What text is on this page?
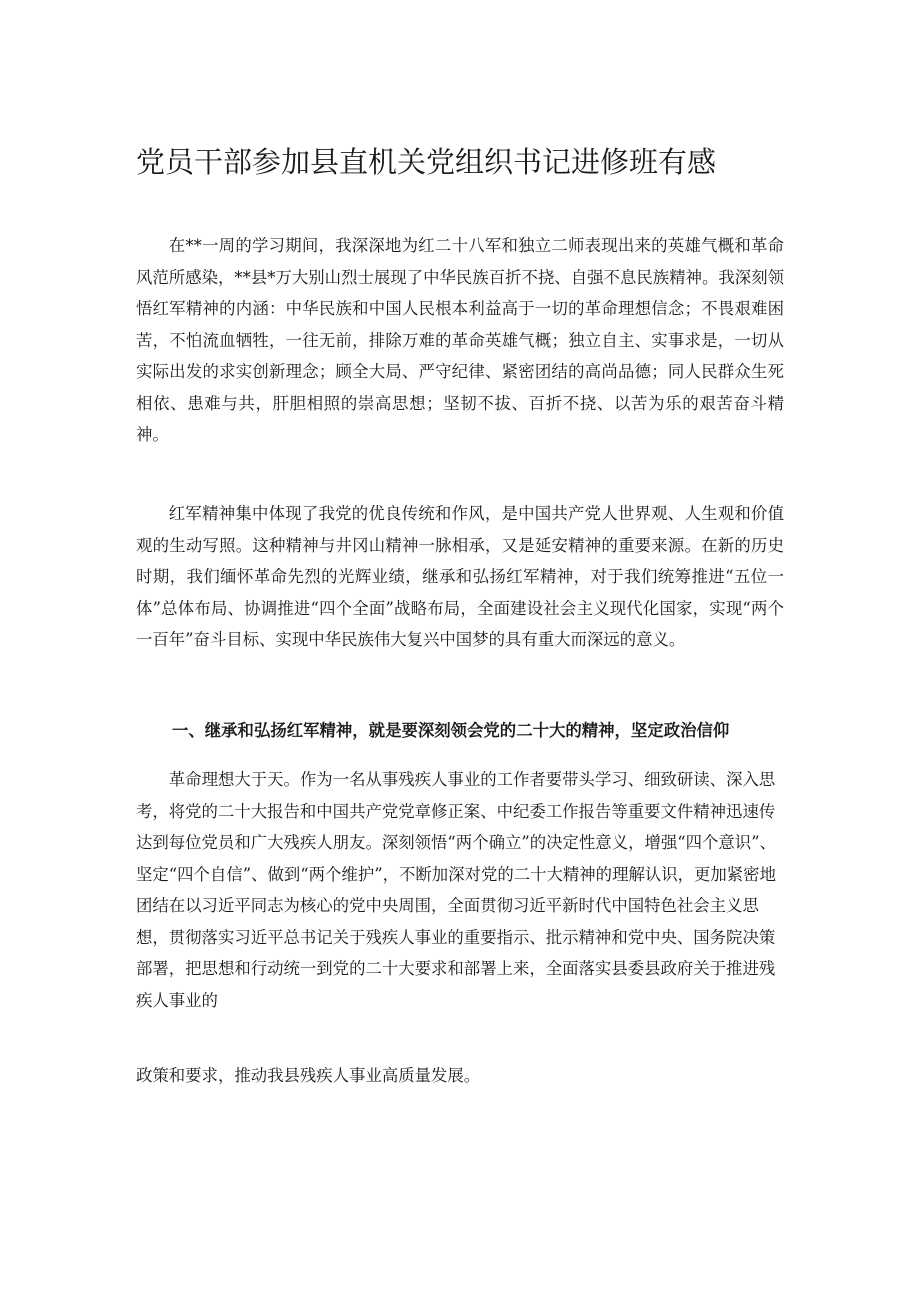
党员干部参加县直机关党组织书记进修班有感

在**一周的学习期间，我深深地为红二十八军和独立二师表现出来的英雄气概和革命风范所感染，**县*万大别山烈士展现了中华民族百折不挠、自强不息民族精神。我深刻领悟红军精神的内涵：中华民族和中国人民根本利益高于一切的革命理想信念；不畏艰难困苦，不怕流血牺牲，一往无前，排除万难的革命英雄气概；独立自主、实事求是，一切从实际出发的求实创新理念；顾全大局、严守纪律、紧密团结的高尚品德；同人民群众生死相依、患难与共，肝胆相照的崇高思想；坚韧不拔、百折不挠、以苦为乐的艰苦奋斗精神。

红军精神集中体现了我党的优良传统和作风，是中国共产党人世界观、人生观和价值观的生动写照。这种精神与井冈山精神一脉相承，又是延安精神的重要来源。在新的历史时期，我们缅怀革命先烈的光辉业绩，继承和弘扬红军精神，对于我们统筹推进“五位一体”总体布局、协调推进“四个全面”战略布局，全面建设社会主义现代化国家，实现“两个一百年”奋斗目标、实现中华民族伟大复兴中国梦的具有重大而深远的意义。

一、继承和弘扬红军精神，就是要深刻领会党的二十大的精神，坚定政治信仰

革命理想大于天。作为一名从事残疾人事业的工作者要带头学习、细致研读、深入思考，将党的二十大报告和中国共产党党章修正案、中纪委工作报告等重要文件精神迅速传达到每位党员和广大残疾人朋友。深刻领悟“两个确立”的决定性意义，增强“四个意识”、坚定“四个自信”、做到“两个维护”，不断加深对党的二十大精神的理解认识，更加紧密地团结在以习近平同志为核心的党中央周围，全面贯彻习近平新时代中国特色社会主义思想，贯彻落实习近平总书记关于残疾人事业的重要指示、批示精神和党中央、国务院决策部署，把思想和行动统一到党的二十大要求和部署上来，全面落实县委县政府关于推进残疾人事业的

政策和要求，推动我县残疾人事业高质量发展。
